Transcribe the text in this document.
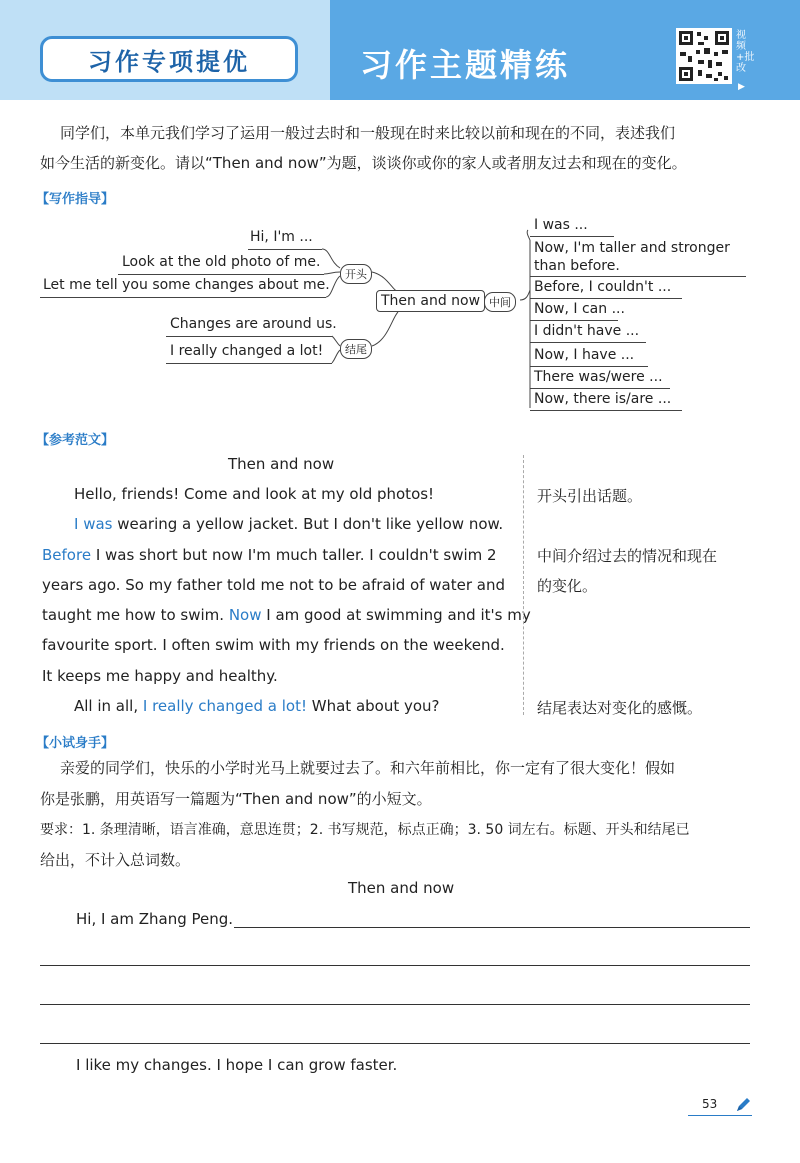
习作专项提优	习作主题精练
视频+批改
▶
同学们，本单元我们学习了运用一般过去时和一般现在时来比较以前和现在的不同，表述我们
如今生活的新变化。请以“Then and now”为题，谈谈你或你的家人或者朋友过去和现在的变化。
【写作指导】
Hi, I'm ...
Look at the old photo of me.
Let me tell you some changes about me.
Changes are around us.
I really changed a lot!
开头
结尾
Then and now 中间
I was ...
Now, I'm taller and stronger
than before.
Before, I couldn't ...
Now, I can ...
I didn't have ...
Now, I have ...
There was/were ...
Now, there is/are ...
【参考范文】
Then and now
Hello, friends! Come and look at my old photos!
I was wearing a yellow jacket. But I don't like yellow now.
Before I was short but now I'm much taller. I couldn't swim 2
years ago. So my father told me not to be afraid of water and
taught me how to swim. Now I am good at swimming and it's my
favourite sport. I often swim with my friends on the weekend.
It keeps me happy and healthy.
All in all, I really changed a lot! What about you?
开头引出话题。
中间介绍过去的情况和现在
的变化。
结尾表达对变化的感慨。
【小试身手】
亲爱的同学们，快乐的小学时光马上就要过去了。和六年前相比，你一定有了很大变化！假如
你是张鹏，用英语写一篇题为“Then and now”的小短文。
要求：1. 条理清晰，语言准确，意思连贯；2. 书写规范，标点正确；3. 50 词左右。标题、开头和结尾已
给出，不计入总词数。
Then and now
Hi, I am Zhang Peng.
I like my changes. I hope I can grow faster.
53
